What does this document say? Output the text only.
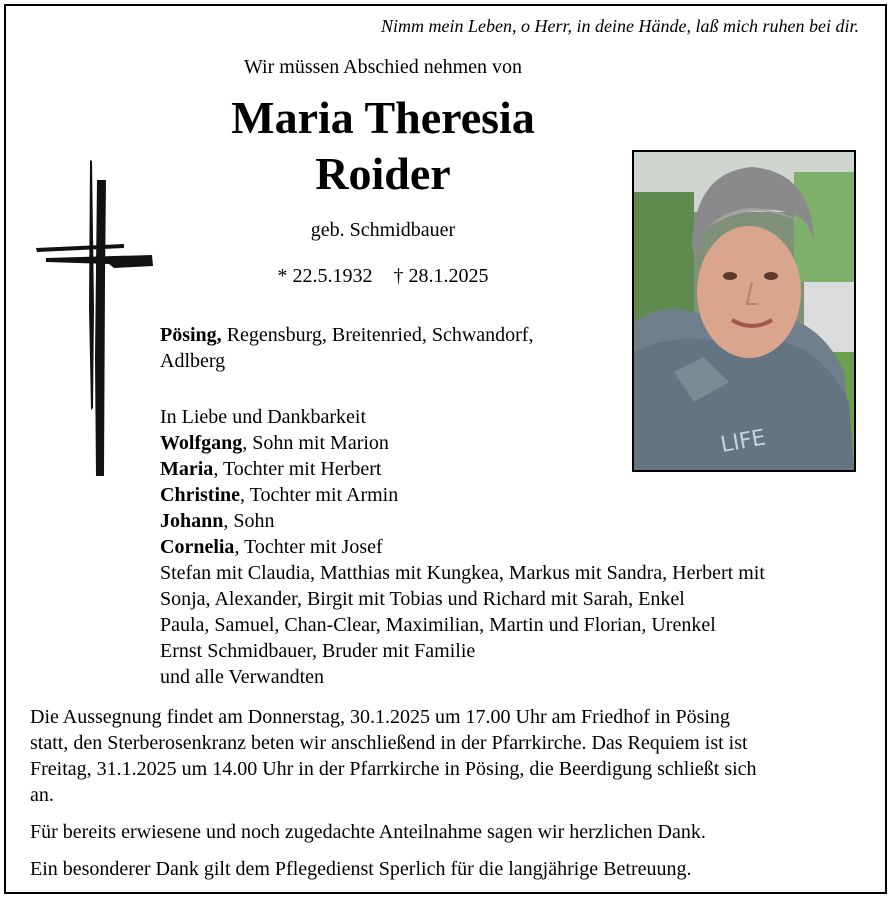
Nimm mein Leben, o Herr, in deine Hände, laß mich ruhen bei dir.
Wir müssen Abschied nehmen von
Maria Theresia
Roider
geb. Schmidbauer
* 22.5.1932 † 28.1.2025
LIFE
Pösing, Regensburg, Breitenried, Schwandorf,
Adlberg
In Liebe und Dankbarkeit
Wolfgang, Sohn mit Marion
Maria, Tochter mit Herbert
Christine, Tochter mit Armin
Johann, Sohn
Cornelia, Tochter mit Josef
Stefan mit Claudia, Matthias mit Kungkea, Markus mit Sandra, Herbert mit
Sonja, Alexander, Birgit mit Tobias und Richard mit Sarah, Enkel
Paula, Samuel, Chan-Clear, Maximilian, Martin und Florian, Urenkel
Ernst Schmidbauer, Bruder mit Familie
und alle Verwandten

Die Aussegnung findet am Donnerstag, 30.1.2025 um 17.00 Uhr am Friedhof in Pösing
statt, den Sterberosenkranz beten wir anschließend in der Pfarrkirche. Das Requiem ist ist
Freitag, 31.1.2025 um 14.00 Uhr in der Pfarrkirche in Pösing, die Beerdigung schließt sich
an.

Für bereits erwiesene und noch zugedachte Anteilnahme sagen wir herzlichen Dank.

Ein besonderer Dank gilt dem Pflegedienst Sperlich für die langjährige Betreuung.
